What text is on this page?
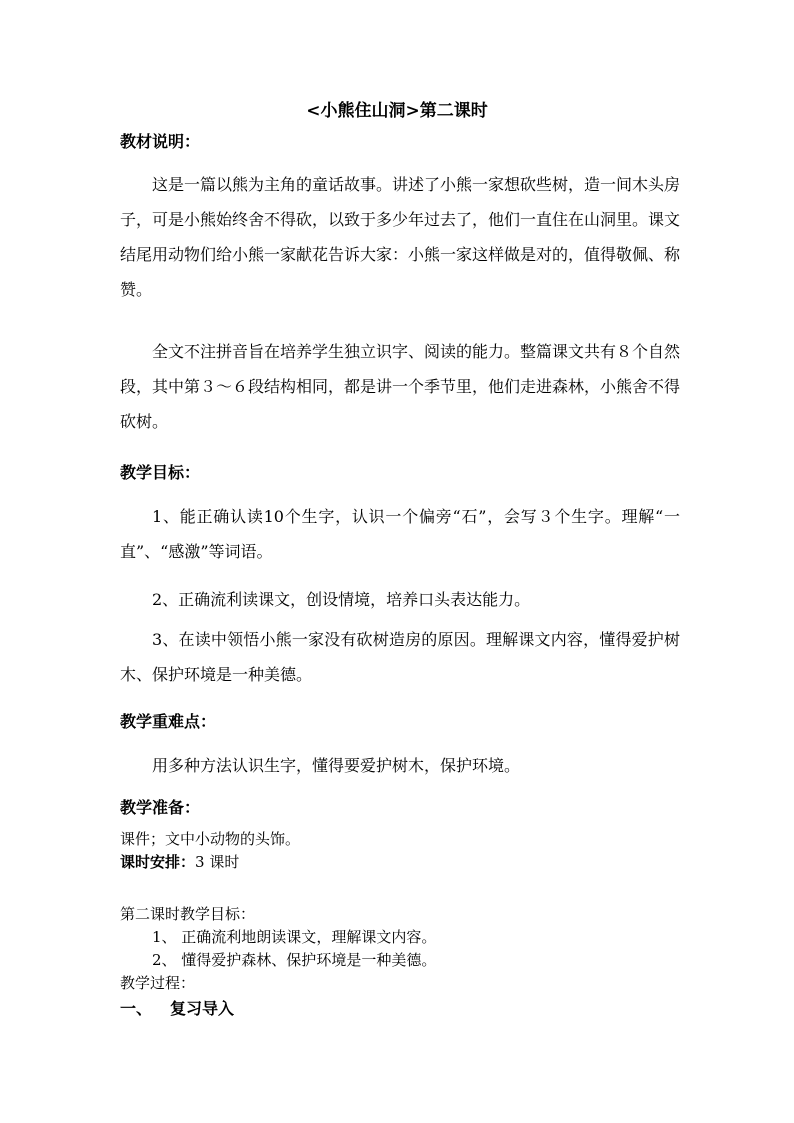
<小熊住山洞>第二课时
教材说明：
这是一篇以熊为主角的童话故事。讲述了小熊一家想砍些树，造一间木头房子，可是小熊始终舍不得砍，以致于多少年过去了，他们一直住在山洞里。课文结尾用动物们给小熊一家献花告诉大家：小熊一家这样做是对的，值得敬佩、称赞。
全文不注拼音旨在培养学生独立识字、阅读的能力。整篇课文共有８个自然段，其中第３～６段结构相同，都是讲一个季节里，他们走进森林，小熊舍不得砍树。
教学目标：
1、能正确认读10个生字，认识一个偏旁“石”，会写３个生字。理解“一直”、“感激”等词语。
2、正确流利读课文，创设情境，培养口头表达能力。
3、在读中领悟小熊一家没有砍树造房的原因。理解课文内容，懂得爱护树木、保护环境是一种美德。
教学重难点：
用多种方法认识生字，懂得要爱护树木，保护环境。
教学准备：
课件；文中小动物的头饰。
课时安排：3 课时
第二课时教学目标：
1、 正确流利地朗读课文，理解课文内容。
2、 懂得爱护森林、保护环境是一种美德。
教学过程：
一、 复习导入
